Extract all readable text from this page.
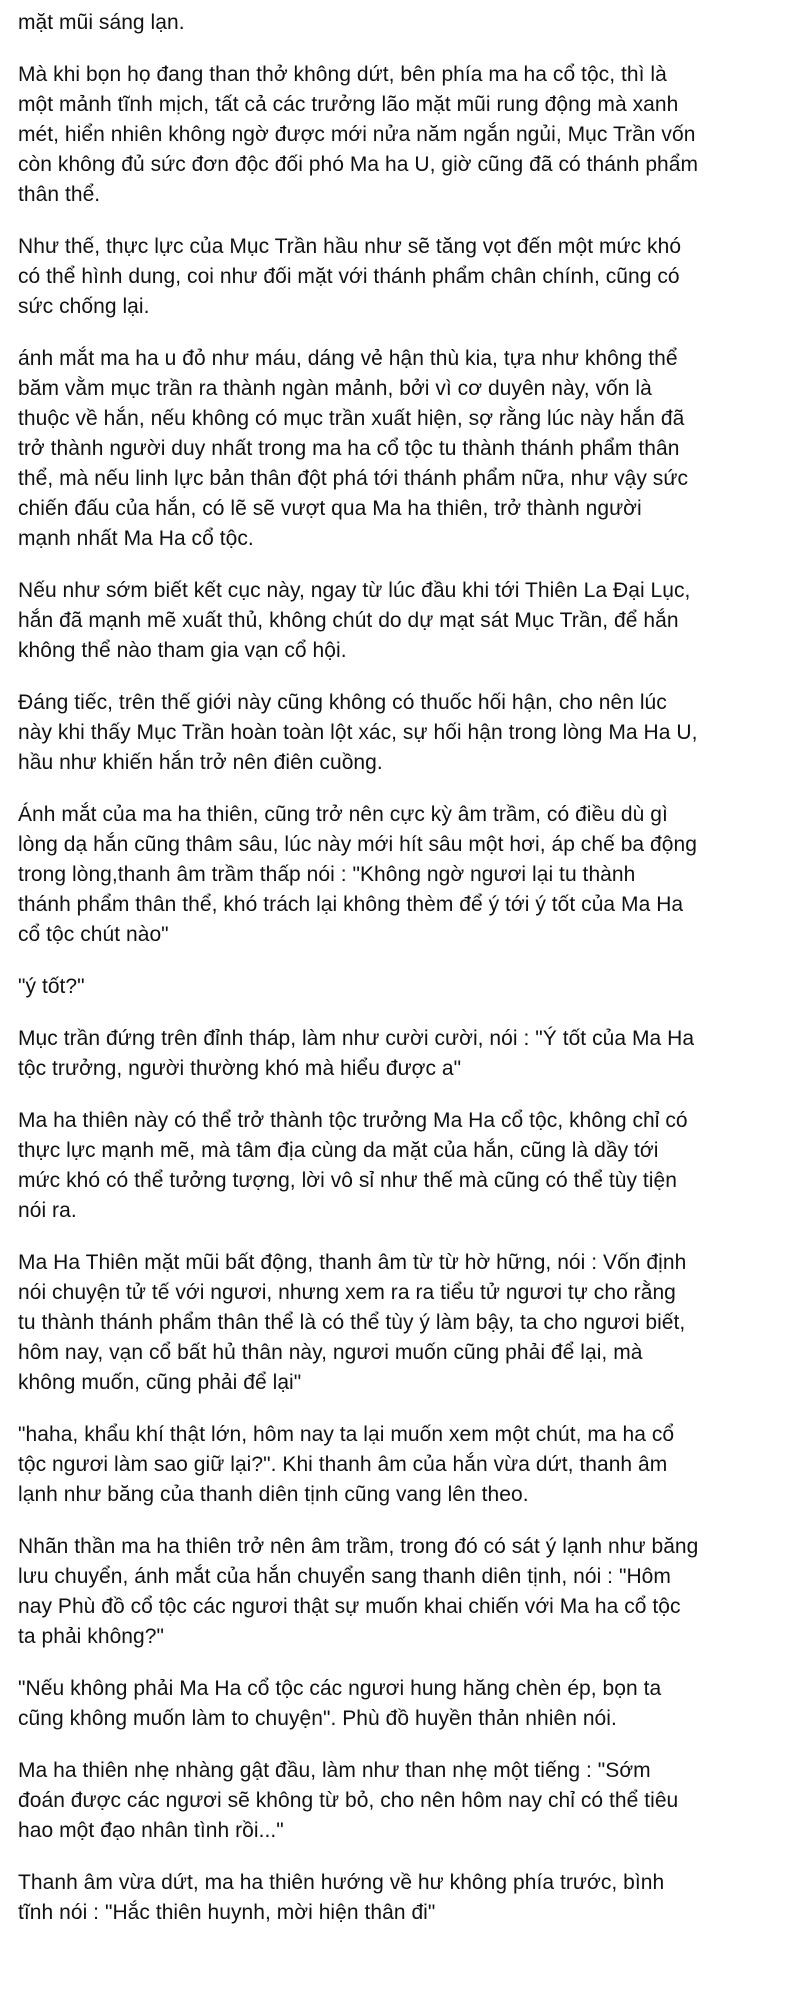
mặt mũi sáng lạn.

Mà khi bọn họ đang than thở không dứt, bên phía ma ha cổ tộc, thì là
một mảnh tĩnh mịch, tất cả các trưởng lão mặt mũi rung động mà xanh
mét, hiển nhiên không ngờ được mới nửa năm ngắn ngủi, Mục Trần vốn
còn không đủ sức đơn độc đối phó Ma ha U, giờ cũng đã có thánh phẩm
thân thể.

Như thế, thực lực của Mục Trần hầu như sẽ tăng vọt đến một mức khó
có thể hình dung, coi như đối mặt với thánh phẩm chân chính, cũng có
sức chống lại.

ánh mắt ma ha u đỏ như máu, dáng vẻ hận thù kia, tựa như không thể
băm vằm mục trần ra thành ngàn mảnh, bởi vì cơ duyên này, vốn là
thuộc về hắn, nếu không có mục trần xuất hiện, sợ rằng lúc này hắn đã
trở thành người duy nhất trong ma ha cổ tộc tu thành thánh phẩm thân
thể, mà nếu linh lực bản thân đột phá tới thánh phẩm nữa, như vậy sức
chiến đấu của hắn, có lẽ sẽ vượt qua Ma ha thiên, trở thành người
mạnh nhất Ma Ha cổ tộc.

Nếu như sớm biết kết cục này, ngay từ lúc đầu khi tới Thiên La Đại Lục,
hắn đã mạnh mẽ xuất thủ, không chút do dự mạt sát Mục Trần, để hắn
không thể nào tham gia vạn cổ hội.

Đáng tiếc, trên thế giới này cũng không có thuốc hối hận, cho nên lúc
này khi thấy Mục Trần hoàn toàn lột xác, sự hối hận trong lòng Ma Ha U,
hầu như khiến hắn trở nên điên cuồng.

Ánh mắt của ma ha thiên, cũng trở nên cực kỳ âm trầm, có điều dù gì
lòng dạ hắn cũng thâm sâu, lúc này mới hít sâu một hơi, áp chế ba động
trong lòng,thanh âm trầm thấp nói : "Không ngờ ngươi lại tu thành
thánh phẩm thân thể, khó trách lại không thèm để ý tới ý tốt của Ma Ha
cổ tộc chút nào"

"ý tốt?"

Mục trần đứng trên đỉnh tháp, làm như cười cười, nói : "Ý tốt của Ma Ha
tộc trưởng, người thường khó mà hiểu được a"

Ma ha thiên này có thể trở thành tộc trưởng Ma Ha cổ tộc, không chỉ có
thực lực mạnh mẽ, mà tâm địa cùng da mặt của hắn, cũng là dầy tới
mức khó có thể tưởng tượng, lời vô sỉ như thế mà cũng có thể tùy tiện
nói ra.

Ma Ha Thiên mặt mũi bất động, thanh âm từ từ hờ hững, nói : Vốn định
nói chuyện tử tế với ngươi, nhưng xem ra ra tiểu tử ngươi tự cho rằng
tu thành thánh phẩm thân thể là có thể tùy ý làm bậy, ta cho ngươi biết,
hôm nay, vạn cổ bất hủ thân này, ngươi muốn cũng phải để lại, mà
không muốn, cũng phải để lại"

"haha, khẩu khí thật lớn, hôm nay ta lại muốn xem một chút, ma ha cổ
tộc ngươi làm sao giữ lại?". Khi thanh âm của hắn vừa dứt, thanh âm
lạnh như băng của thanh diên tịnh cũng vang lên theo.

Nhãn thần ma ha thiên trở nên âm trầm, trong đó có sát ý lạnh như băng
lưu chuyển, ánh mắt của hắn chuyển sang thanh diên tịnh, nói : "Hôm
nay Phù đồ cổ tộc các ngươi thật sự muốn khai chiến với Ma ha cổ tộc
ta phải không?"

"Nếu không phải Ma Ha cổ tộc các ngươi hung hăng chèn ép, bọn ta
cũng không muốn làm to chuyện". Phù đồ huyền thản nhiên nói.

Ma ha thiên nhẹ nhàng gật đầu, làm như than nhẹ một tiếng : "Sớm
đoán được các ngươi sẽ không từ bỏ, cho nên hôm nay chỉ có thể tiêu
hao một đạo nhân tình rồi..."

Thanh âm vừa dứt, ma ha thiên hướng về hư không phía trước, bình
tĩnh nói : "Hắc thiên huynh, mời hiện thân đi"
